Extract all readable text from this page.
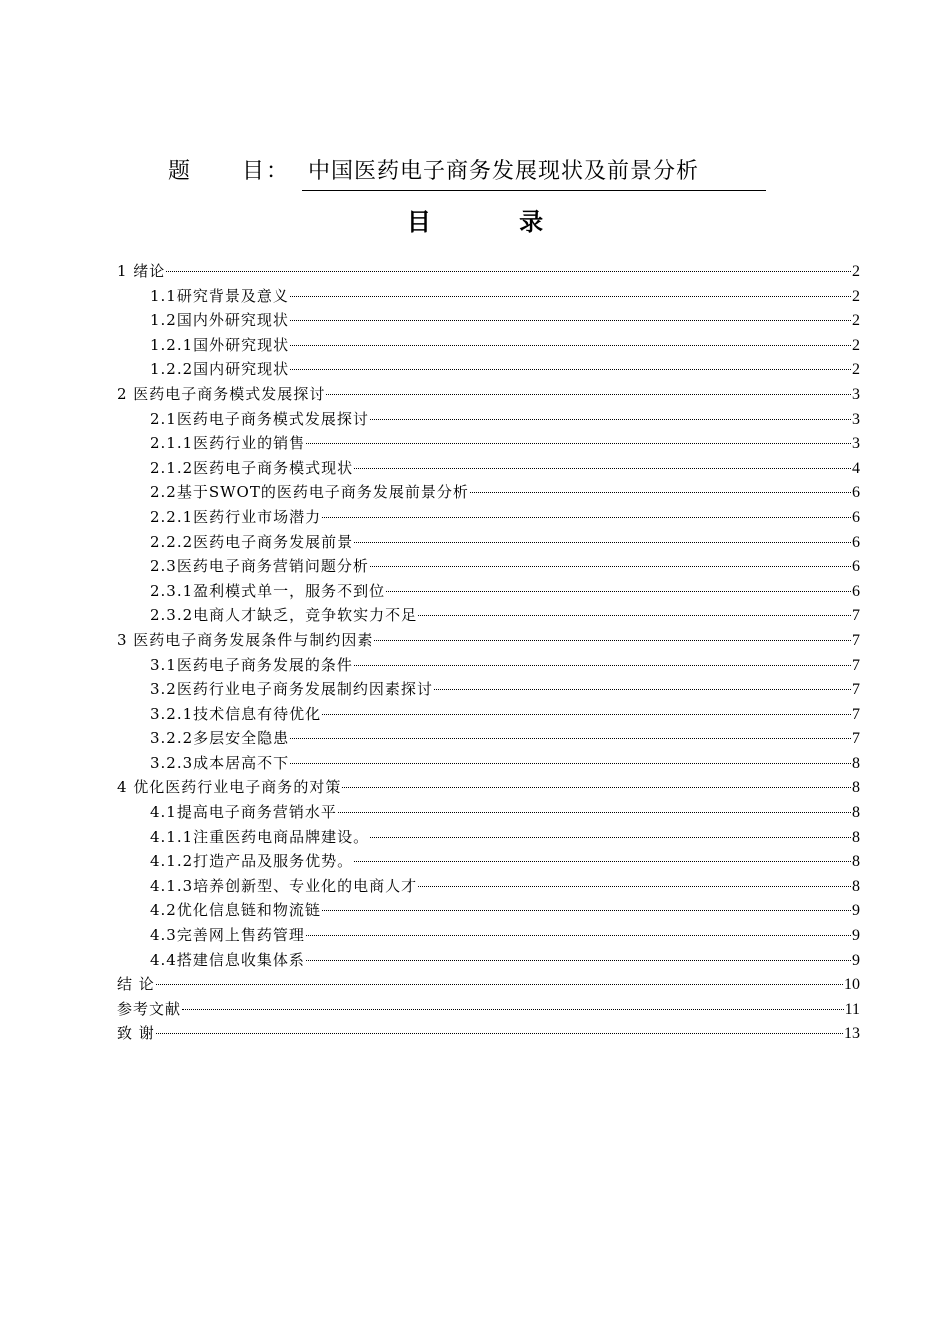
题 目： 中国医药电子商务发展现状及前景分析
目 录
1 绪论	2
1.1研究背景及意义	2
1.2国内外研究现状	2
1.2.1国外研究现状	2
1.2.2国内研究现状	2
2 医药电子商务模式发展探讨	3
2.1医药电子商务模式发展探讨	3
2.1.1医药行业的销售	3
2.1.2医药电子商务模式现状	4
2.2基于SWOT的医药电子商务发展前景分析	6
2.2.1医药行业市场潜力	6
2.2.2医药电子商务发展前景	6
2.3医药电子商务营销问题分析	6
2.3.1盈利模式单一，服务不到位	6
2.3.2电商人才缺乏，竞争软实力不足	7
3 医药电子商务发展条件与制约因素	7
3.1医药电子商务发展的条件	7
3.2医药行业电子商务发展制约因素探讨	7
3.2.1技术信息有待优化	7
3.2.2多层安全隐患	7
3.2.3成本居高不下	8
4 优化医药行业电子商务的对策	8
4.1提高电子商务营销水平	8
4.1.1注重医药电商品牌建设。	8
4.1.2打造产品及服务优势。	8
4.1.3培养创新型、专业化的电商人才	8
4.2优化信息链和物流链	9
4.3完善网上售药管理	9
4.4搭建信息收集体系	9
结 论	10
参考文献	11
致 谢	13
